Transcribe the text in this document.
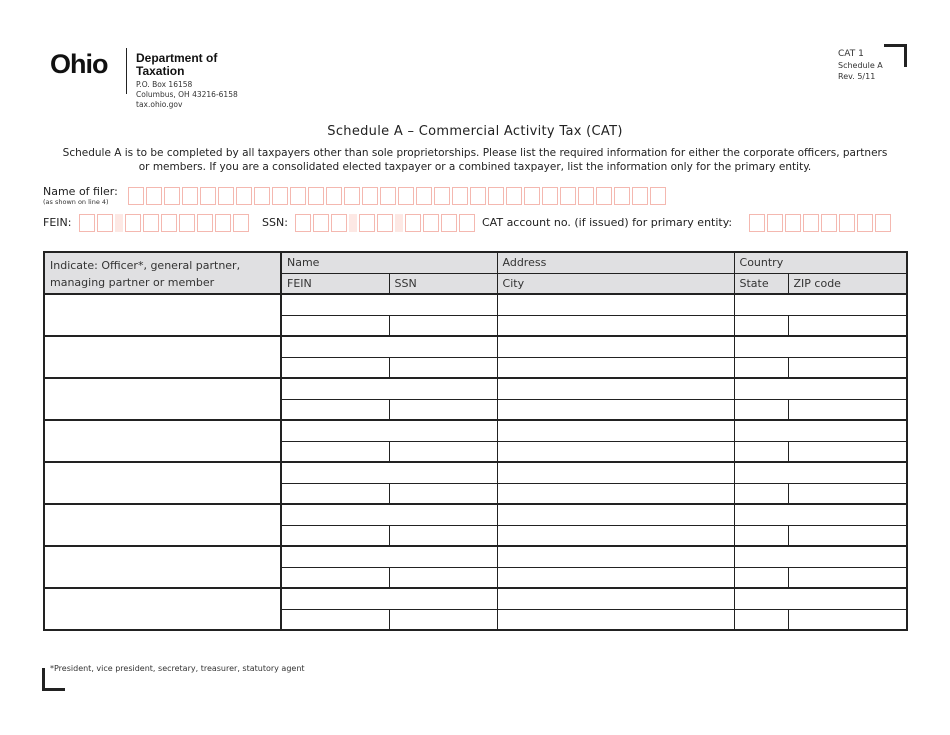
Ohio Department of
Taxation
P.O. Box 16158
Columbus, OH 43216-6158
tax.ohio.gov
CAT 1
Schedule A
Rev. 5/11
Schedule A – Commercial Activity Tax (CAT)
Schedule A is to be completed by all taxpayers other than sole proprietorships. Please list the required information for either the corporate officers, partners or members. If you are a consolidated elected taxpayer or a combined taxpayer, list the information only for the primary entity.
Name of filer:
(as shown on line 4)
FEIN:	SSN:	CAT account no. (if issued) for primary entity:
Indicate: Officer*, general partner, managing partner or member	Name		Address	Country	
	FEIN	SSN	City	State	ZIP code

*President, vice president, secretary, treasurer, statutory agent
